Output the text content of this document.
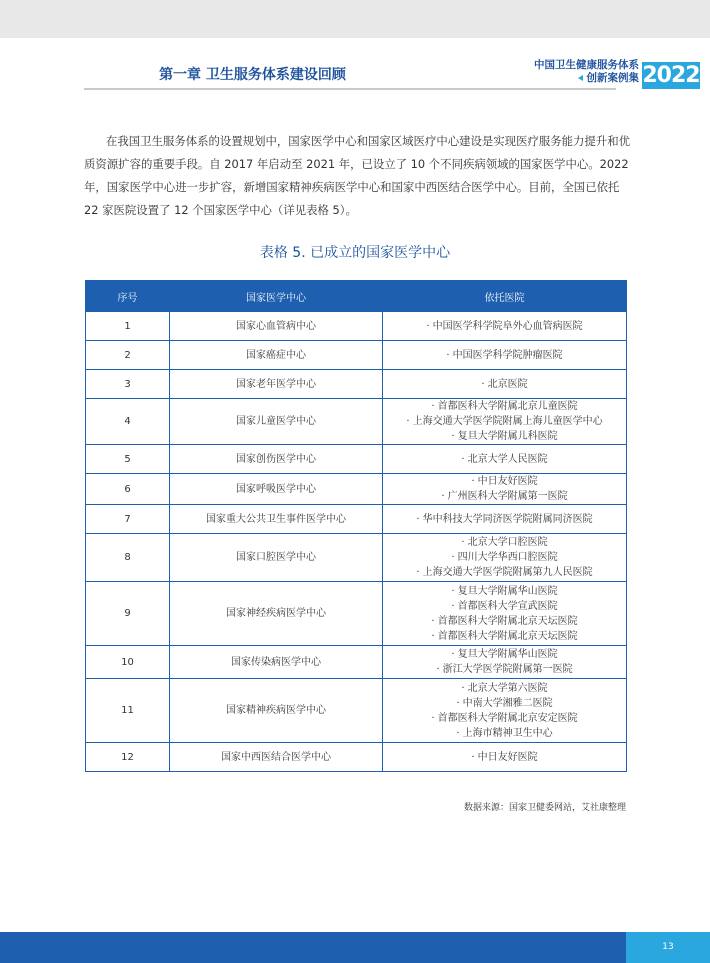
第一章 卫生服务体系建设回顾
中国卫生健康服务体系
创新案例集 2022
在我国卫生服务体系的设置规划中，国家医学中心和国家区域医疗中心建设是实现医疗服务能力提升和优质资源扩容的重要手段。自 2017 年启动至 2021 年，已设立了 10 个不同疾病领域的国家医学中心。2022 年，国家医学中心进一步扩容，新增国家精神疾病医学中心和国家中西医结合医学中心。目前，全国已依托 22 家医院设置了 12 个国家医学中心（详见表格 5）。
表格 5. 已成立的国家医学中心
序号	国家医学中心	依托医院
1	国家心血管病中心	· 中国医学科学院阜外心血管病医院

2	国家癌症中心	· 中国医学科学院肿瘤医院

3	国家老年医学中心	· 北京医院

4	国家儿童医学中心	· 首都医科大学附属北京儿童医院
· 上海交通大学医学院附属上海儿童医学中心
· 复旦大学附属儿科医院

5	国家创伤医学中心	· 北京大学人民医院

6	国家呼吸医学中心	· 中日友好医院
· 广州医科大学附属第一医院

7	国家重大公共卫生事件医学中心	· 华中科技大学同济医学院附属同济医院

8	国家口腔医学中心	· 北京大学口腔医院
· 四川大学华西口腔医院
· 上海交通大学医学院附属第九人民医院

9	国家神经疾病医学中心	· 复旦大学附属华山医院
· 首都医科大学宣武医院
· 首都医科大学附属北京天坛医院
· 首都医科大学附属北京天坛医院

10	国家传染病医学中心	· 复旦大学附属华山医院
· 浙江大学医学院附属第一医院

11	国家精神疾病医学中心	· 北京大学第六医院
· 中南大学湘雅二医院
· 首都医科大学附属北京安定医院
· 上海市精神卫生中心

12	国家中西医结合医学中心	· 中日友好医院
数据来源：国家卫健委网站，艾社康整理
13
